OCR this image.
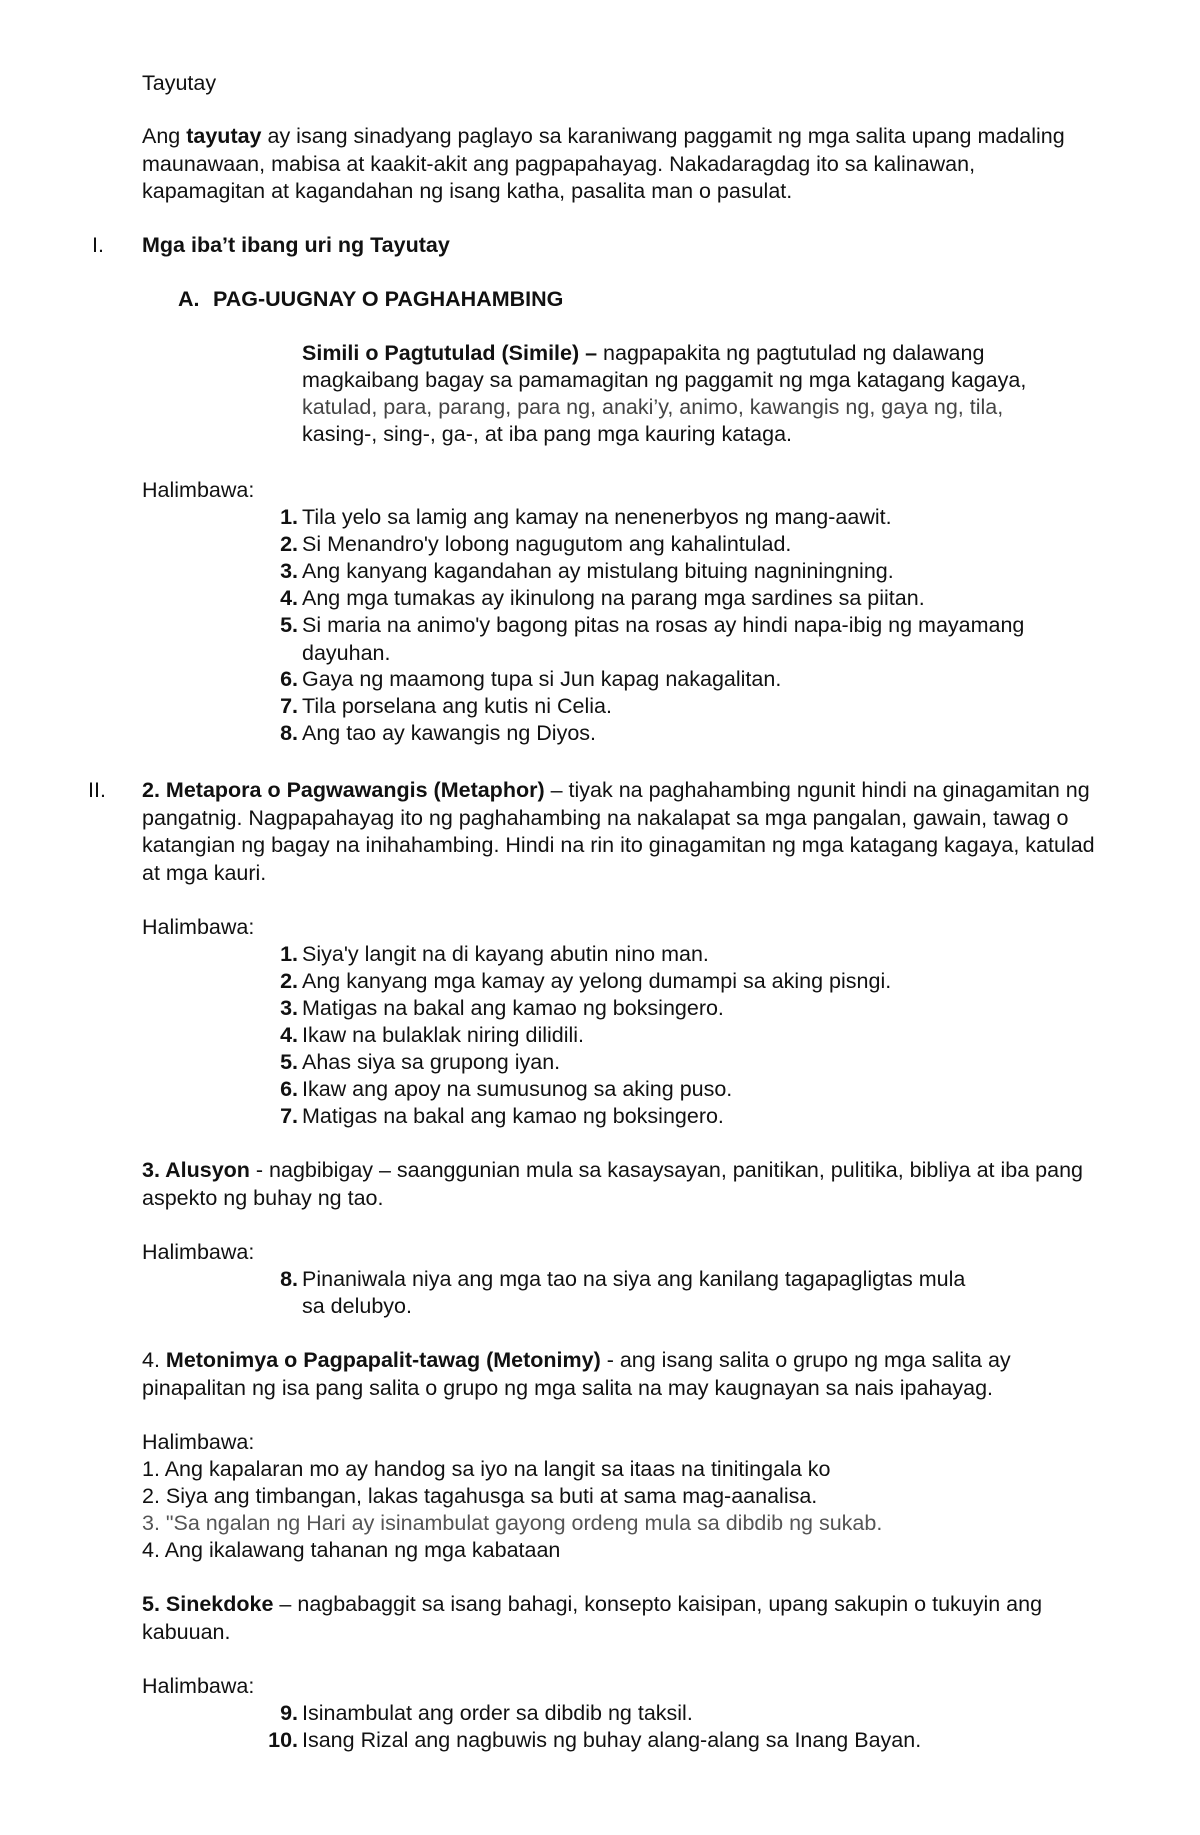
Tayutay
Ang tayutay ay isang sinadyang paglayo sa karaniwang paggamit ng mga salita upang madaling maunawaan, mabisa at kaakit-akit ang pagpapahayag. Nakadaragdag ito sa kalinawan, kapamagitan at kagandahan ng isang katha, pasalita man o pasulat.
I. Mga iba’t ibang uri ng Tayutay
A. PAG-UUGNAY O PAGHAHAMBING
Simili o Pagtutulad (Simile) – nagpapakita ng pagtutulad ng dalawang
magkaibang bagay sa pamamagitan ng paggamit ng mga katagang kagaya,
katulad, para, parang, para ng, anaki’y, animo, kawangis ng, gaya ng, tila,
kasing-, sing-, ga-, at iba pang mga kauring kataga.
Halimbawa:
1. Tila yelo sa lamig ang kamay na nenenerbyos ng mang-aawit.
2. Si Menandro'y lobong nagugutom ang kahalintulad.
3. Ang kanyang kagandahan ay mistulang bituing nagniningning.
4. Ang mga tumakas ay ikinulong na parang mga sardines sa piitan.
5. Si maria na animo'y bagong pitas na rosas ay hindi napa-ibig ng mayamang dayuhan.
6. Gaya ng maamong tupa si Jun kapag nakagalitan.
7. Tila porselana ang kutis ni Celia.
8. Ang tao ay kawangis ng Diyos.
II. 2. Metapora o Pagwawangis (Metaphor) – tiyak na paghahambing ngunit hindi na ginagamitan ng pangatnig. Nagpapahayag ito ng paghahambing na nakalapat sa mga pangalan, gawain, tawag o katangian ng bagay na inihahambing. Hindi na rin ito ginagamitan ng mga katagang kagaya, katulad at mga kauri.
Halimbawa:
1. Siya'y langit na di kayang abutin nino man.
2. Ang kanyang mga kamay ay yelong dumampi sa aking pisngi.
3. Matigas na bakal ang kamao ng boksingero.
4. Ikaw na bulaklak niring dilidili.
5. Ahas siya sa grupong iyan.
6. Ikaw ang apoy na sumusunog sa aking puso.
7. Matigas na bakal ang kamao ng boksingero.
3. Alusyon - nagbibigay – saanggunian mula sa kasaysayan, panitikan, pulitika, bibliya at iba pang aspekto ng buhay ng tao.
Halimbawa:
8. Pinaniwala niya ang mga tao na siya ang kanilang tagapagligtas mula
sa delubyo.
4. Metonimya o Pagpapalit-tawag (Metonimy) - ang isang salita o grupo ng mga salita ay pinapalitan ng isa pang salita o grupo ng mga salita na may kaugnayan sa nais ipahayag.
Halimbawa:
1. Ang kapalaran mo ay handog sa iyo na langit sa itaas na tinitingala ko
2. Siya ang timbangan, lakas tagahusga sa buti at sama mag-aanalisa.
3. "Sa ngalan ng Hari ay isinambulat gayong ordeng mula sa dibdib ng sukab.
4. Ang ikalawang tahanan ng mga kabataan
5. Sinekdoke – nagbabaggit sa isang bahagi, konsepto kaisipan, upang sakupin o tukuyin ang kabuuan.
Halimbawa:
9. Isinambulat ang order sa dibdib ng taksil.
10. Isang Rizal ang nagbuwis ng buhay alang-alang sa Inang Bayan.
